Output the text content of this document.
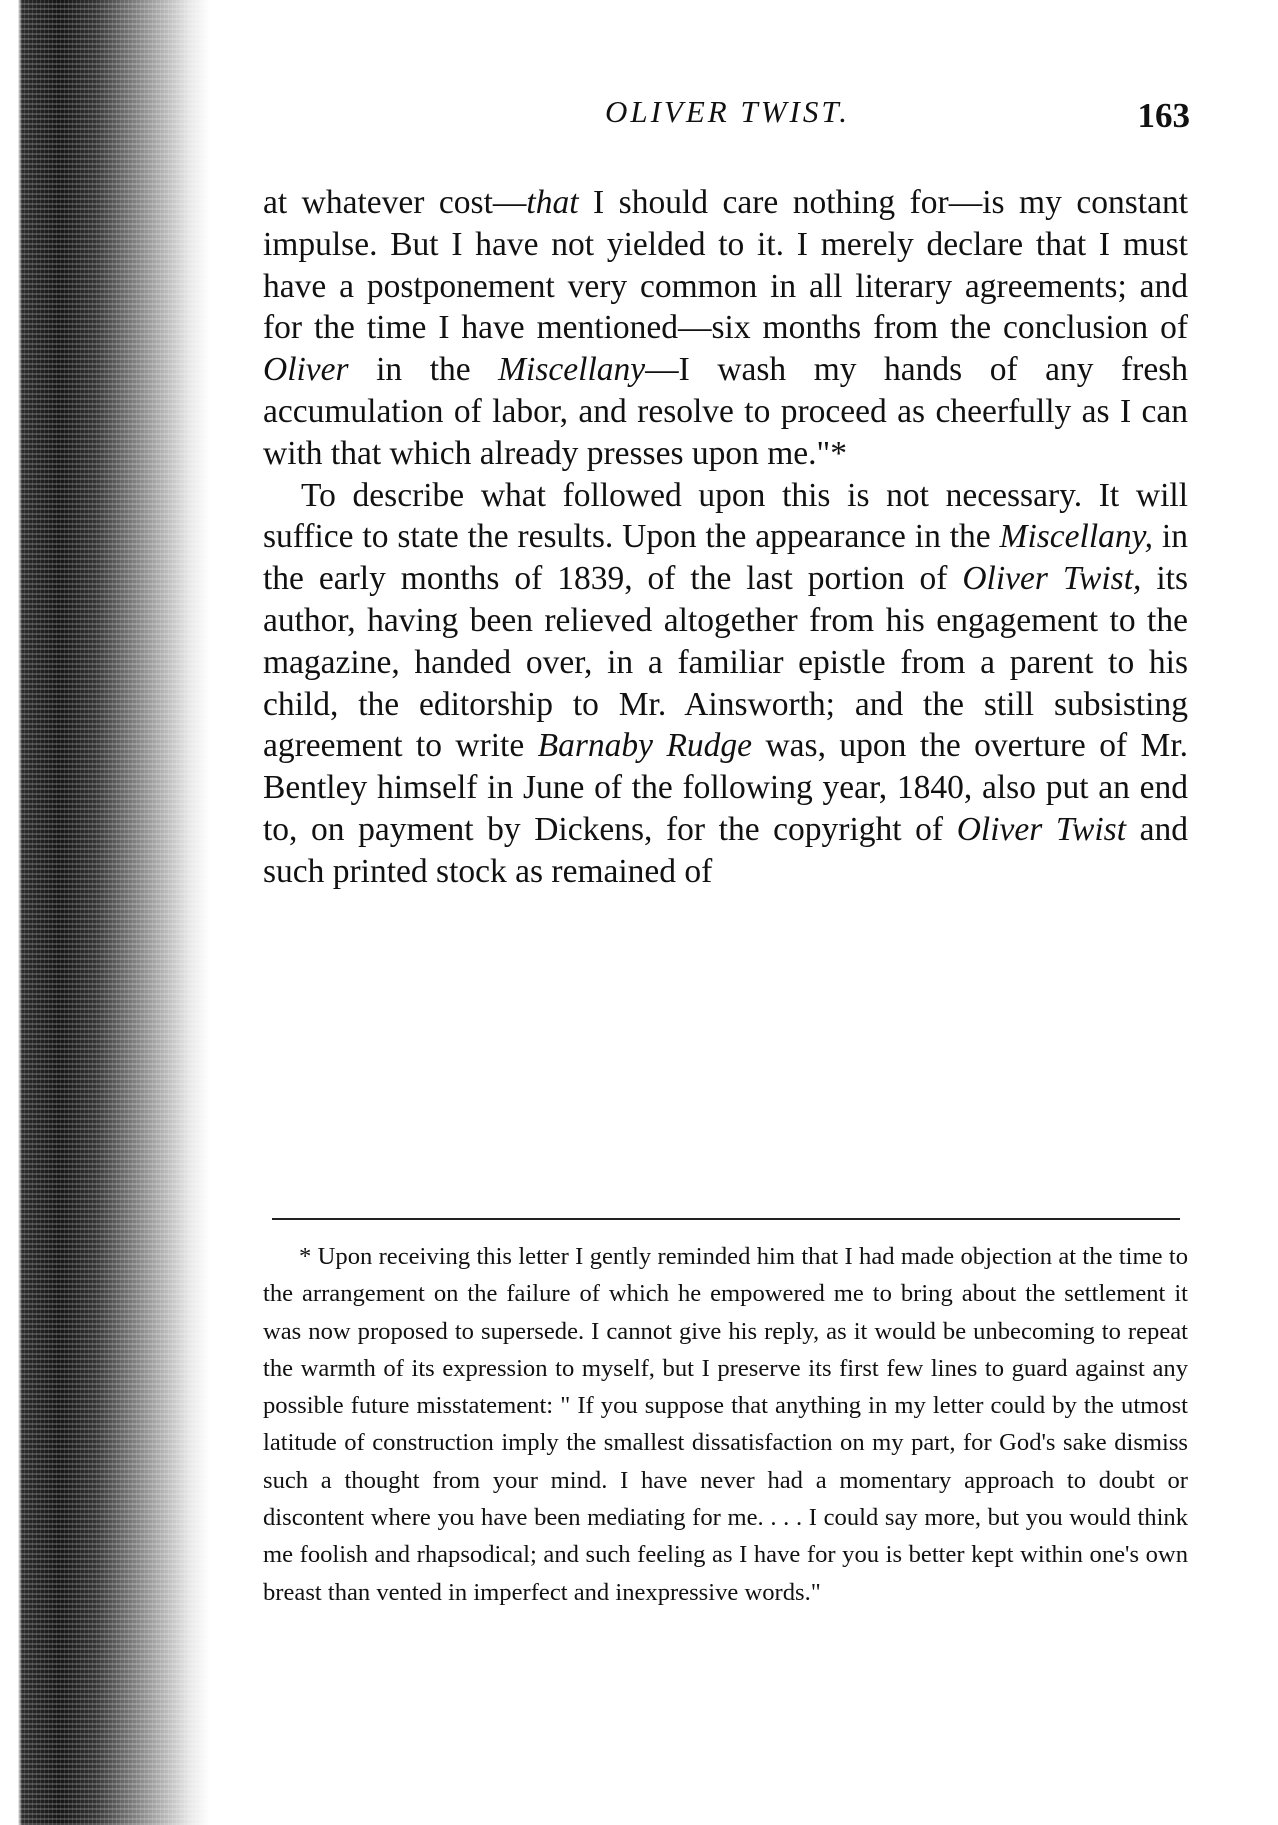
OLIVER TWIST.	163

at whatever cost—that I should care nothing for—is my constant impulse. But I have not yielded to it. I merely declare that I must have a postponement very common in all literary agreements; and for the time I have mentioned—six months from the conclusion of Oliver in the Miscellany—I wash my hands of any fresh accumulation of labor, and resolve to proceed as cheerfully as I can with that which already presses upon me."*

To describe what followed upon this is not necessary. It will suffice to state the results. Upon the appearance in the Miscellany, in the early months of 1839, of the last portion of Oliver Twist, its author, having been relieved altogether from his engagement to the magazine, handed over, in a familiar epistle from a parent to his child, the editorship to Mr. Ainsworth; and the still subsisting agreement to write Barnaby Rudge was, upon the overture of Mr. Bentley himself in June of the following year, 1840, also put an end to, on payment by Dickens, for the copyright of Oliver Twist and such printed stock as remained of

* Upon receiving this letter I gently reminded him that I had made objection at the time to the arrangement on the failure of which he empowered me to bring about the settlement it was now proposed to supersede. I cannot give his reply, as it would be unbecoming to repeat the warmth of its expression to myself, but I preserve its first few lines to guard against any possible future misstatement: " If you suppose that anything in my letter could by the utmost latitude of construction imply the smallest dissatisfaction on my part, for God's sake dismiss such a thought from your mind. I have never had a momentary approach to doubt or discontent where you have been mediating for me. . . . I could say more, but you would think me foolish and rhapsodical; and such feeling as I have for you is better kept within one's own breast than vented in imperfect and inexpressive words."
